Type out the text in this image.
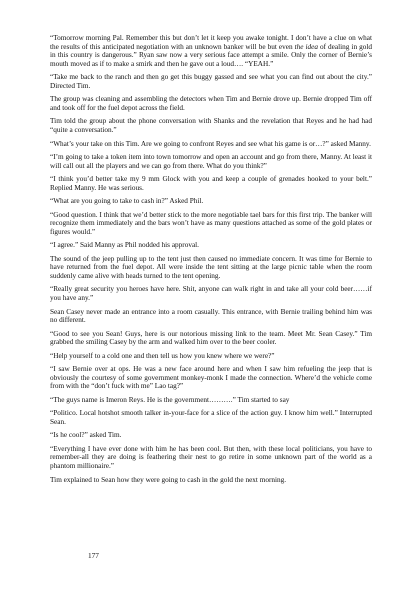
“Tomorrow morning Pal. Remember this but don’t let it keep you awake tonight. I don’t have a clue on what the results of this anticipated negotiation with an unknown banker will be but even the idea of dealing in gold in this country is dangerous.” Ryan saw now a very serious face attempt a smile. Only the corner of Bernie’s mouth moved as if to make a smirk and then he gave out a loud…. “YEAH.”

“Take me back to the ranch and then go get this buggy gassed and see what you can find out about the city.” Directed Tim.

The group was cleaning and assembling the detectors when Tim and Bernie drove up. Bernie dropped Tim off and took off for the fuel depot across the field.

Tim told the group about the phone conversation with Shanks and the revelation that Reyes and he had had “quite a conversation.”

“What’s your take on this Tim. Are we going to confront Reyes and see what his game is or…?” asked Manny.

“I’m going to take a token item into town tomorrow and open an account and go from there, Manny. At least it will call out all the players and we can go from there. What do you think?”

“I think you’d better take my 9 mm Glock with you and keep a couple of grenades hooked to your belt.” Replied Manny. He was serious.

“What are you going to take to cash in?” Asked Phil.

“Good question. I think that we’d better stick to the more negotiable tael bars for this first trip. The banker will recognize them immediately and the bars won’t have as many questions attached as some of the gold plates or figures would.”

“I agree.” Said Manny as Phil nodded his approval.

The sound of the jeep pulling up to the tent just then caused no immediate concern. It was time for Bernie to have returned from the fuel depot. All were inside the tent sitting at the large picnic table when the room suddenly came alive with heads turned to the tent opening.

“Really great security you heroes have here. Shit, anyone can walk right in and take all your cold beer……if you have any.”

Sean Casey never made an entrance into a room casually. This entrance, with Bernie trailing behind him was no different.

“Good to see you Sean! Guys, here is our notorious missing link to the team. Meet Mr. Sean Casey.” Tim grabbed the smiling Casey by the arm and walked him over to the beer cooler.

“Help yourself to a cold one and then tell us how you knew where we were?”

“I saw Bernie over at ops. He was a new face around here and when I saw him refueling the jeep that is obviously the courtesy of some government monkey-monk I made the connection. Where’d the vehicle come from with the “don’t fuck with me” Lao tag?”

“The guys name is Imeron Reys. He is the government……….” Tim started to say

“Politico. Local hotshot smooth talker in-your-face for a slice of the action guy. I know him well.” Interrupted Sean.

“Is he cool?” asked Tim.

“Everything I have ever done with him he has been cool. But then, with these local politicians, you have to remember-all they are doing is feathering their nest to go retire in some unknown part of the world as a phantom millionaire.”

Tim explained to Sean how they were going to cash in the gold the next morning.

177
